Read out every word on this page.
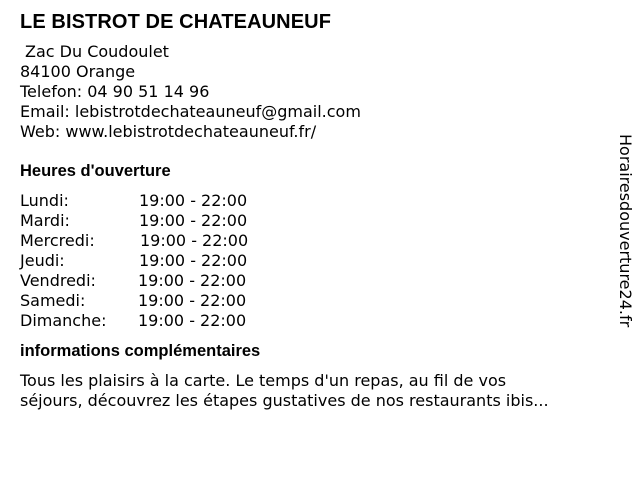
LE BISTROT DE CHATEAUNEUF
Zac Du Coudoulet
84100 Orange
Telefon: 04 90 51 14 96
Email: lebistrotdechateauneuf@gmail.com
Web: www.lebistrotdechateauneuf.fr/
Heures d'ouverture
Lundi:	19:00 - 22:00
Mardi:	19:00 - 22:00
Mercredi:	19:00 - 22:00
Jeudi:	19:00 - 22:00
Vendredi:	19:00 - 22:00
Samedi:	19:00 - 22:00
Dimanche: 19:00 - 22:00
informations complémentaires
Tous les plaisirs à la carte. Le temps d'un repas, au fil de vos
séjours, découvrez les étapes gustatives de nos restaurants ibis...
Horairesdouverture24.fr
